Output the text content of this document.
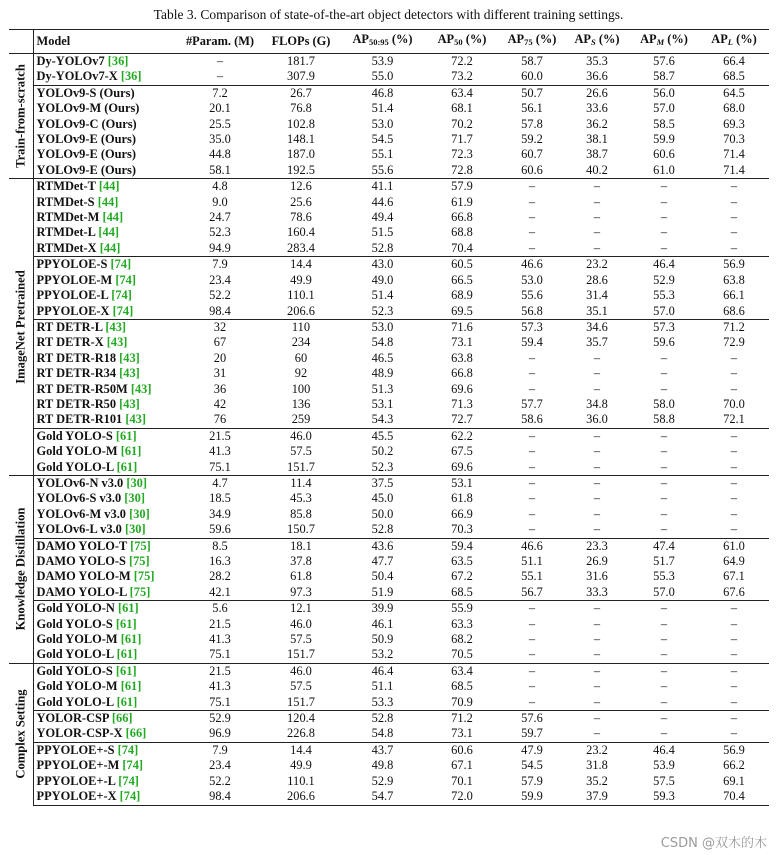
Table 3. Comparison of state-of-the-art object detectors with different training settings.
	Model	#Param. (M)	FLOPs (G)	$AP_{50:95}$ (%)	$AP_{50}$ (%)	$AP_{75}$ (%)	$AP_S$ (%)	$AP_M$ (%)	$AP_L$ (%)

Train-from-scratch	Dy-YOLOv7 [36]	–	181.7	53.9	72.2	58.7	35.3	57.6	66.4
	Dy-YOLOv7-X [36]	–	307.9	55.0	73.2	60.0	36.6	58.7	68.5
	YOLOv9-S (Ours)	7.2	26.7	46.8	63.4	50.7	26.6	56.0	64.5
	YOLOv9-M (Ours)	20.1	76.8	51.4	68.1	56.1	33.6	57.0	68.0
	YOLOv9-C (Ours)	25.5	102.8	53.0	70.2	57.8	36.2	58.5	69.3
	YOLOv9-E (Ours)	35.0	148.1	54.5	71.7	59.2	38.1	59.9	70.3
	YOLOv9-E (Ours)	44.8	187.0	55.1	72.3	60.7	38.7	60.6	71.4
	YOLOv9-E (Ours)	58.1	192.5	55.6	72.8	60.6	40.2	61.0	71.4

ImageNet Pretrained	RTMDet-T [44]	4.8	12.6	41.1	57.9	–	–	–	–
	RTMDet-S [44]	9.0	25.6	44.6	61.9	–	–	–	–
	RTMDet-M [44]	24.7	78.6	49.4	66.8	–	–	–	–
	RTMDet-L [44]	52.3	160.4	51.5	68.8	–	–	–	–
	RTMDet-X [44]	94.9	283.4	52.8	70.4	–	–	–	–
	PPYOLOE-S [74]	7.9	14.4	43.0	60.5	46.6	23.2	46.4	56.9
	PPYOLOE-M [74]	23.4	49.9	49.0	66.5	53.0	28.6	52.9	63.8
	PPYOLOE-L [74]	52.2	110.1	51.4	68.9	55.6	31.4	55.3	66.1
	PPYOLOE-X [74]	98.4	206.6	52.3	69.5	56.8	35.1	57.0	68.6
	RT DETR-L [43]	32	110	53.0	71.6	57.3	34.6	57.3	71.2
	RT DETR-X [43]	67	234	54.8	73.1	59.4	35.7	59.6	72.9
	RT DETR-R18 [43]	20	60	46.5	63.8	–	–	–	–
	RT DETR-R34 [43]	31	92	48.9	66.8	–	–	–	–
	RT DETR-R50M [43]	36	100	51.3	69.6	–	–	–	–
	RT DETR-R50 [43]	42	136	53.1	71.3	57.7	34.8	58.0	70.0
	RT DETR-R101 [43]	76	259	54.3	72.7	58.6	36.0	58.8	72.1
	Gold YOLO-S [61]	21.5	46.0	45.5	62.2	–	–	–	–
	Gold YOLO-M [61]	41.3	57.5	50.2	67.5	–	–	–	–
	Gold YOLO-L [61]	75.1	151.7	52.3	69.6	–	–	–	–

Knowledge Distillation	YOLOv6-N v3.0 [30]	4.7	11.4	37.5	53.1	–	–	–	–
	YOLOv6-S v3.0 [30]	18.5	45.3	45.0	61.8	–	–	–	–
	YOLOv6-M v3.0 [30]	34.9	85.8	50.0	66.9	–	–	–	–
	YOLOv6-L v3.0 [30]	59.6	150.7	52.8	70.3	–	–	–	–
	DAMO YOLO-T [75]	8.5	18.1	43.6	59.4	46.6	23.3	47.4	61.0
	DAMO YOLO-S [75]	16.3	37.8	47.7	63.5	51.1	26.9	51.7	64.9
	DAMO YOLO-M [75]	28.2	61.8	50.4	67.2	55.1	31.6	55.3	67.1
	DAMO YOLO-L [75]	42.1	97.3	51.9	68.5	56.7	33.3	57.0	67.6
	Gold YOLO-N [61]	5.6	12.1	39.9	55.9	–	–	–	–
	Gold YOLO-S [61]	21.5	46.0	46.1	63.3	–	–	–	–
	Gold YOLO-M [61]	41.3	57.5	50.9	68.2	–	–	–	–
	Gold YOLO-L [61]	75.1	151.7	53.2	70.5	–	–	–	–

Complex Setting	Gold YOLO-S [61]	21.5	46.0	46.4	63.4	–	–	–	–
	Gold YOLO-M [61]	41.3	57.5	51.1	68.5	–	–	–	–
	Gold YOLO-L [61]	75.1	151.7	53.3	70.9	–	–	–	–
	YOLOR-CSP [66]	52.9	120.4	52.8	71.2	57.6	–	–	–
	YOLOR-CSP-X [66]	96.9	226.8	54.8	73.1	59.7	–	–	–
	PPYOLOE+-S [74]	7.9	14.4	43.7	60.6	47.9	23.2	46.4	56.9
	PPYOLOE+-M [74]	23.4	49.9	49.8	67.1	54.5	31.8	53.9	66.2
	PPYOLOE+-L [74]	52.2	110.1	52.9	70.1	57.9	35.2	57.5	69.1
	PPYOLOE+-X [74]	98.4	206.6	54.7	72.0	59.9	37.9	59.3	70.4
CSDN @双木的木
